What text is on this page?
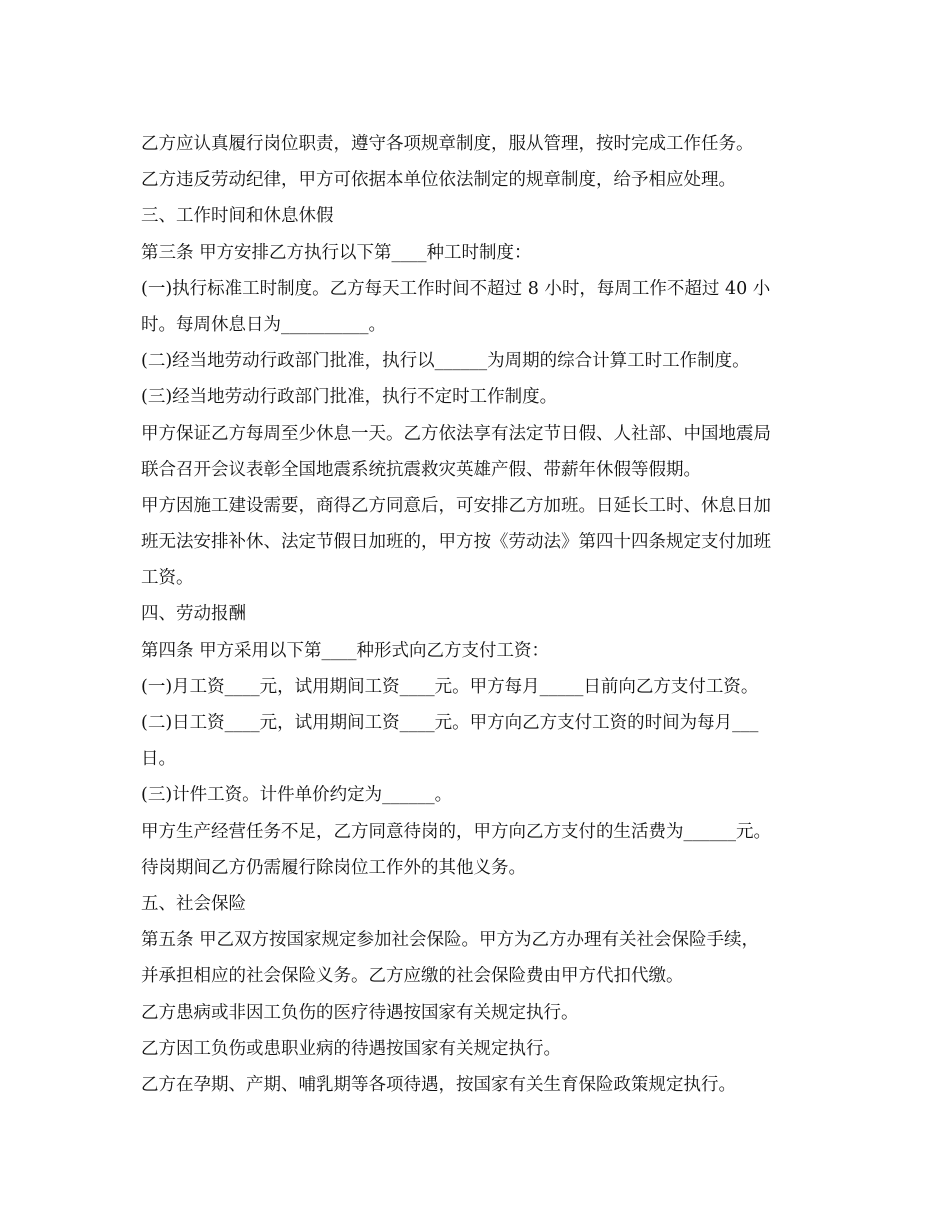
乙方应认真履行岗位职责，遵守各项规章制度，服从管理，按时完成工作任务。
乙方违反劳动纪律，甲方可依据本单位依法制定的规章制度，给予相应处理。
三、工作时间和休息休假
第三条 甲方安排乙方执行以下第____种工时制度：
(一)执行标准工时制度。乙方每天工作时间不超过 8 小时，每周工作不超过 40 小
时。每周休息日为__________。
(二)经当地劳动行政部门批准，执行以______为周期的综合计算工时工作制度。
(三)经当地劳动行政部门批准，执行不定时工作制度。
甲方保证乙方每周至少休息一天。乙方依法享有法定节日假、人社部、中国地震局
联合召开会议表彰全国地震系统抗震救灾英雄产假、带薪年休假等假期。
甲方因施工建设需要，商得乙方同意后，可安排乙方加班。日延长工时、休息日加
班无法安排补休、法定节假日加班的，甲方按《劳动法》第四十四条规定支付加班
工资。
四、劳动报酬
第四条 甲方采用以下第____种形式向乙方支付工资：
(一)月工资____元，试用期间工资____元。甲方每月_____日前向乙方支付工资。
(二)日工资____元，试用期间工资____元。甲方向乙方支付工资的时间为每月___
日。
(三)计件工资。计件单价约定为______。
甲方生产经营任务不足，乙方同意待岗的，甲方向乙方支付的生活费为______元。
待岗期间乙方仍需履行除岗位工作外的其他义务。
五、社会保险
第五条 甲乙双方按国家规定参加社会保险。甲方为乙方办理有关社会保险手续，
并承担相应的社会保险义务。乙方应缴的社会保险费由甲方代扣代缴。
乙方患病或非因工负伤的医疗待遇按国家有关规定执行。
乙方因工负伤或患职业病的待遇按国家有关规定执行。
乙方在孕期、产期、哺乳期等各项待遇，按国家有关生育保险政策规定执行。
